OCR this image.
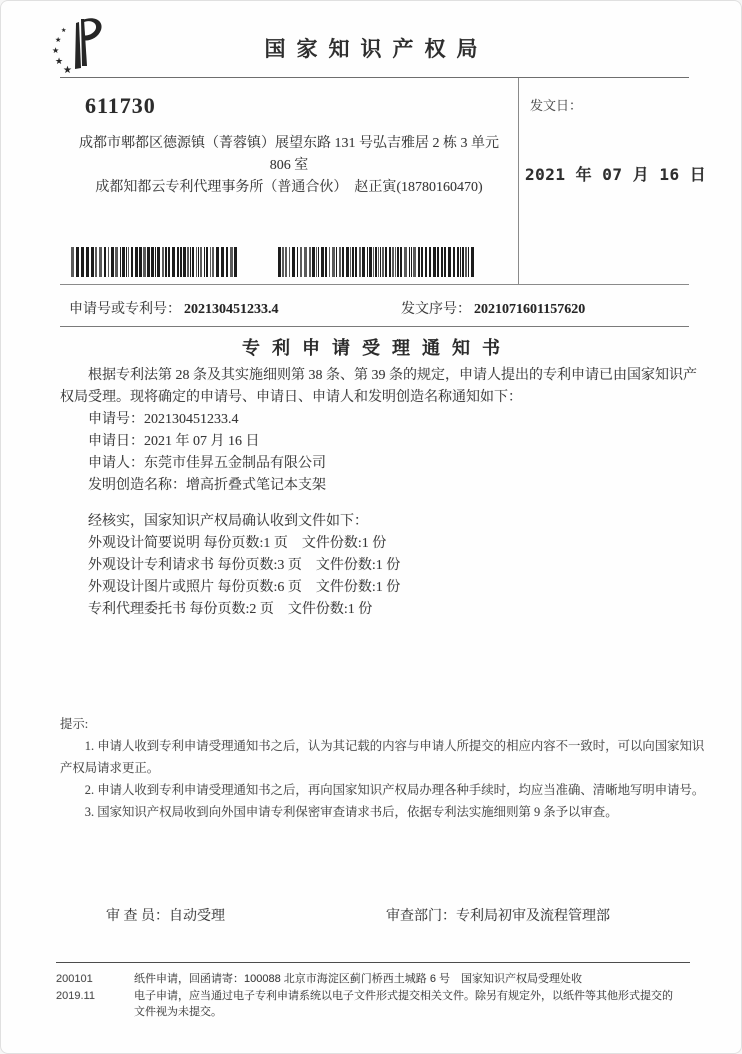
★
★
★
★
★
国家知识产权局
611730
成都市郫都区德源镇（菁蓉镇）展望东路 131 号弘吉雅居 2 栋 3 单元
806 室
成都知都云专利代理事务所（普通合伙）　赵正寅(18780160470)
发文日：
2021 年 07 月 16 日
申请号或专利号： 202130451233.4	发文序号： 2021071601157620
专利申请受理通知书

根据专利法第 28 条及其实施细则第 38 条、第 39 条的规定，申请人提出的专利申请已由国家知识产权局受理。现将确定的申请号、申请日、申请人和发明创造名称通知如下：

申请号：202130451233.4

申请日：2021 年 07 月 16 日

申请人：东莞市佳昇五金制品有限公司

发明创造名称：增高折叠式笔记本支架

经核实，国家知识产权局确认收到文件如下：

外观设计简要说明 每份页数:1 页　文件份数:1 份

外观设计专利请求书 每份页数:3 页　文件份数:1 份

外观设计图片或照片 每份页数:6 页　文件份数:1 份

专利代理委托书 每份页数:2 页　文件份数:1 份

提示:

1. 申请人收到专利申请受理通知书之后，认为其记载的内容与申请人所提交的相应内容不一致时，可以向国家知识产权局请求更正。

2. 申请人收到专利申请受理通知书之后，再向国家知识产权局办理各种手续时，均应当准确、清晰地写明申请号。

3. 国家知识产权局收到向外国申请专利保密审查请求书后，依据专利法实施细则第 9 条予以审查。

审 查 员：自动受理	审查部门：专利局初审及流程管理部
200101
2019.11
纸件申请，回函请寄：100088 北京市海淀区蓟门桥西土城路 6 号　国家知识产权局受理处收
电子申请，应当通过电子专利申请系统以电子文件形式提交相关文件。除另有规定外，以纸件等其他形式提交的
文件视为未提交。
